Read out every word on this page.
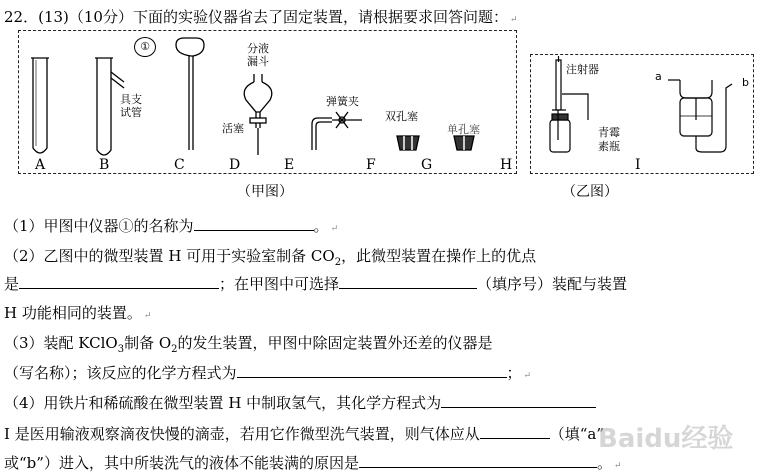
22．(13)（10分）下面的实验仪器省去了固定装置，请根据要求回答问题： ↵
①
具支
试管
分液
漏斗
活塞
弹簧夹
双孔塞
单孔塞
A	B	C	D	E	F	G	H
注射器
青霉
素瓶
a	b
I
（甲图）	（乙图）
（1）甲图中仪器①的名称为	。 ↵
（2）乙图中的微型装置 H 可用于实验室制备 $CO_2$，此微型装置在操作上的优点
是	；在甲图中可选择	（填序号）装配与装置
H 功能相同的装置。 ↵
（3）装配 KClO$_3$制备 $O_2$的发生装置，甲图中除固定装置外还差的仪器是
（写名称）；该反应的化学方程式为	； ↵
（4）用铁片和稀硫酸在微型装置 H 中制取氢气，其化学方程式为
I 是医用输液观察滴夜快慢的滴壶，若用它作微型洗气装置，则气体应从	（填“a”
或“b”）进入，其中所装洗气的液体不能装满的原因是	。 ↵
Baidu经验
